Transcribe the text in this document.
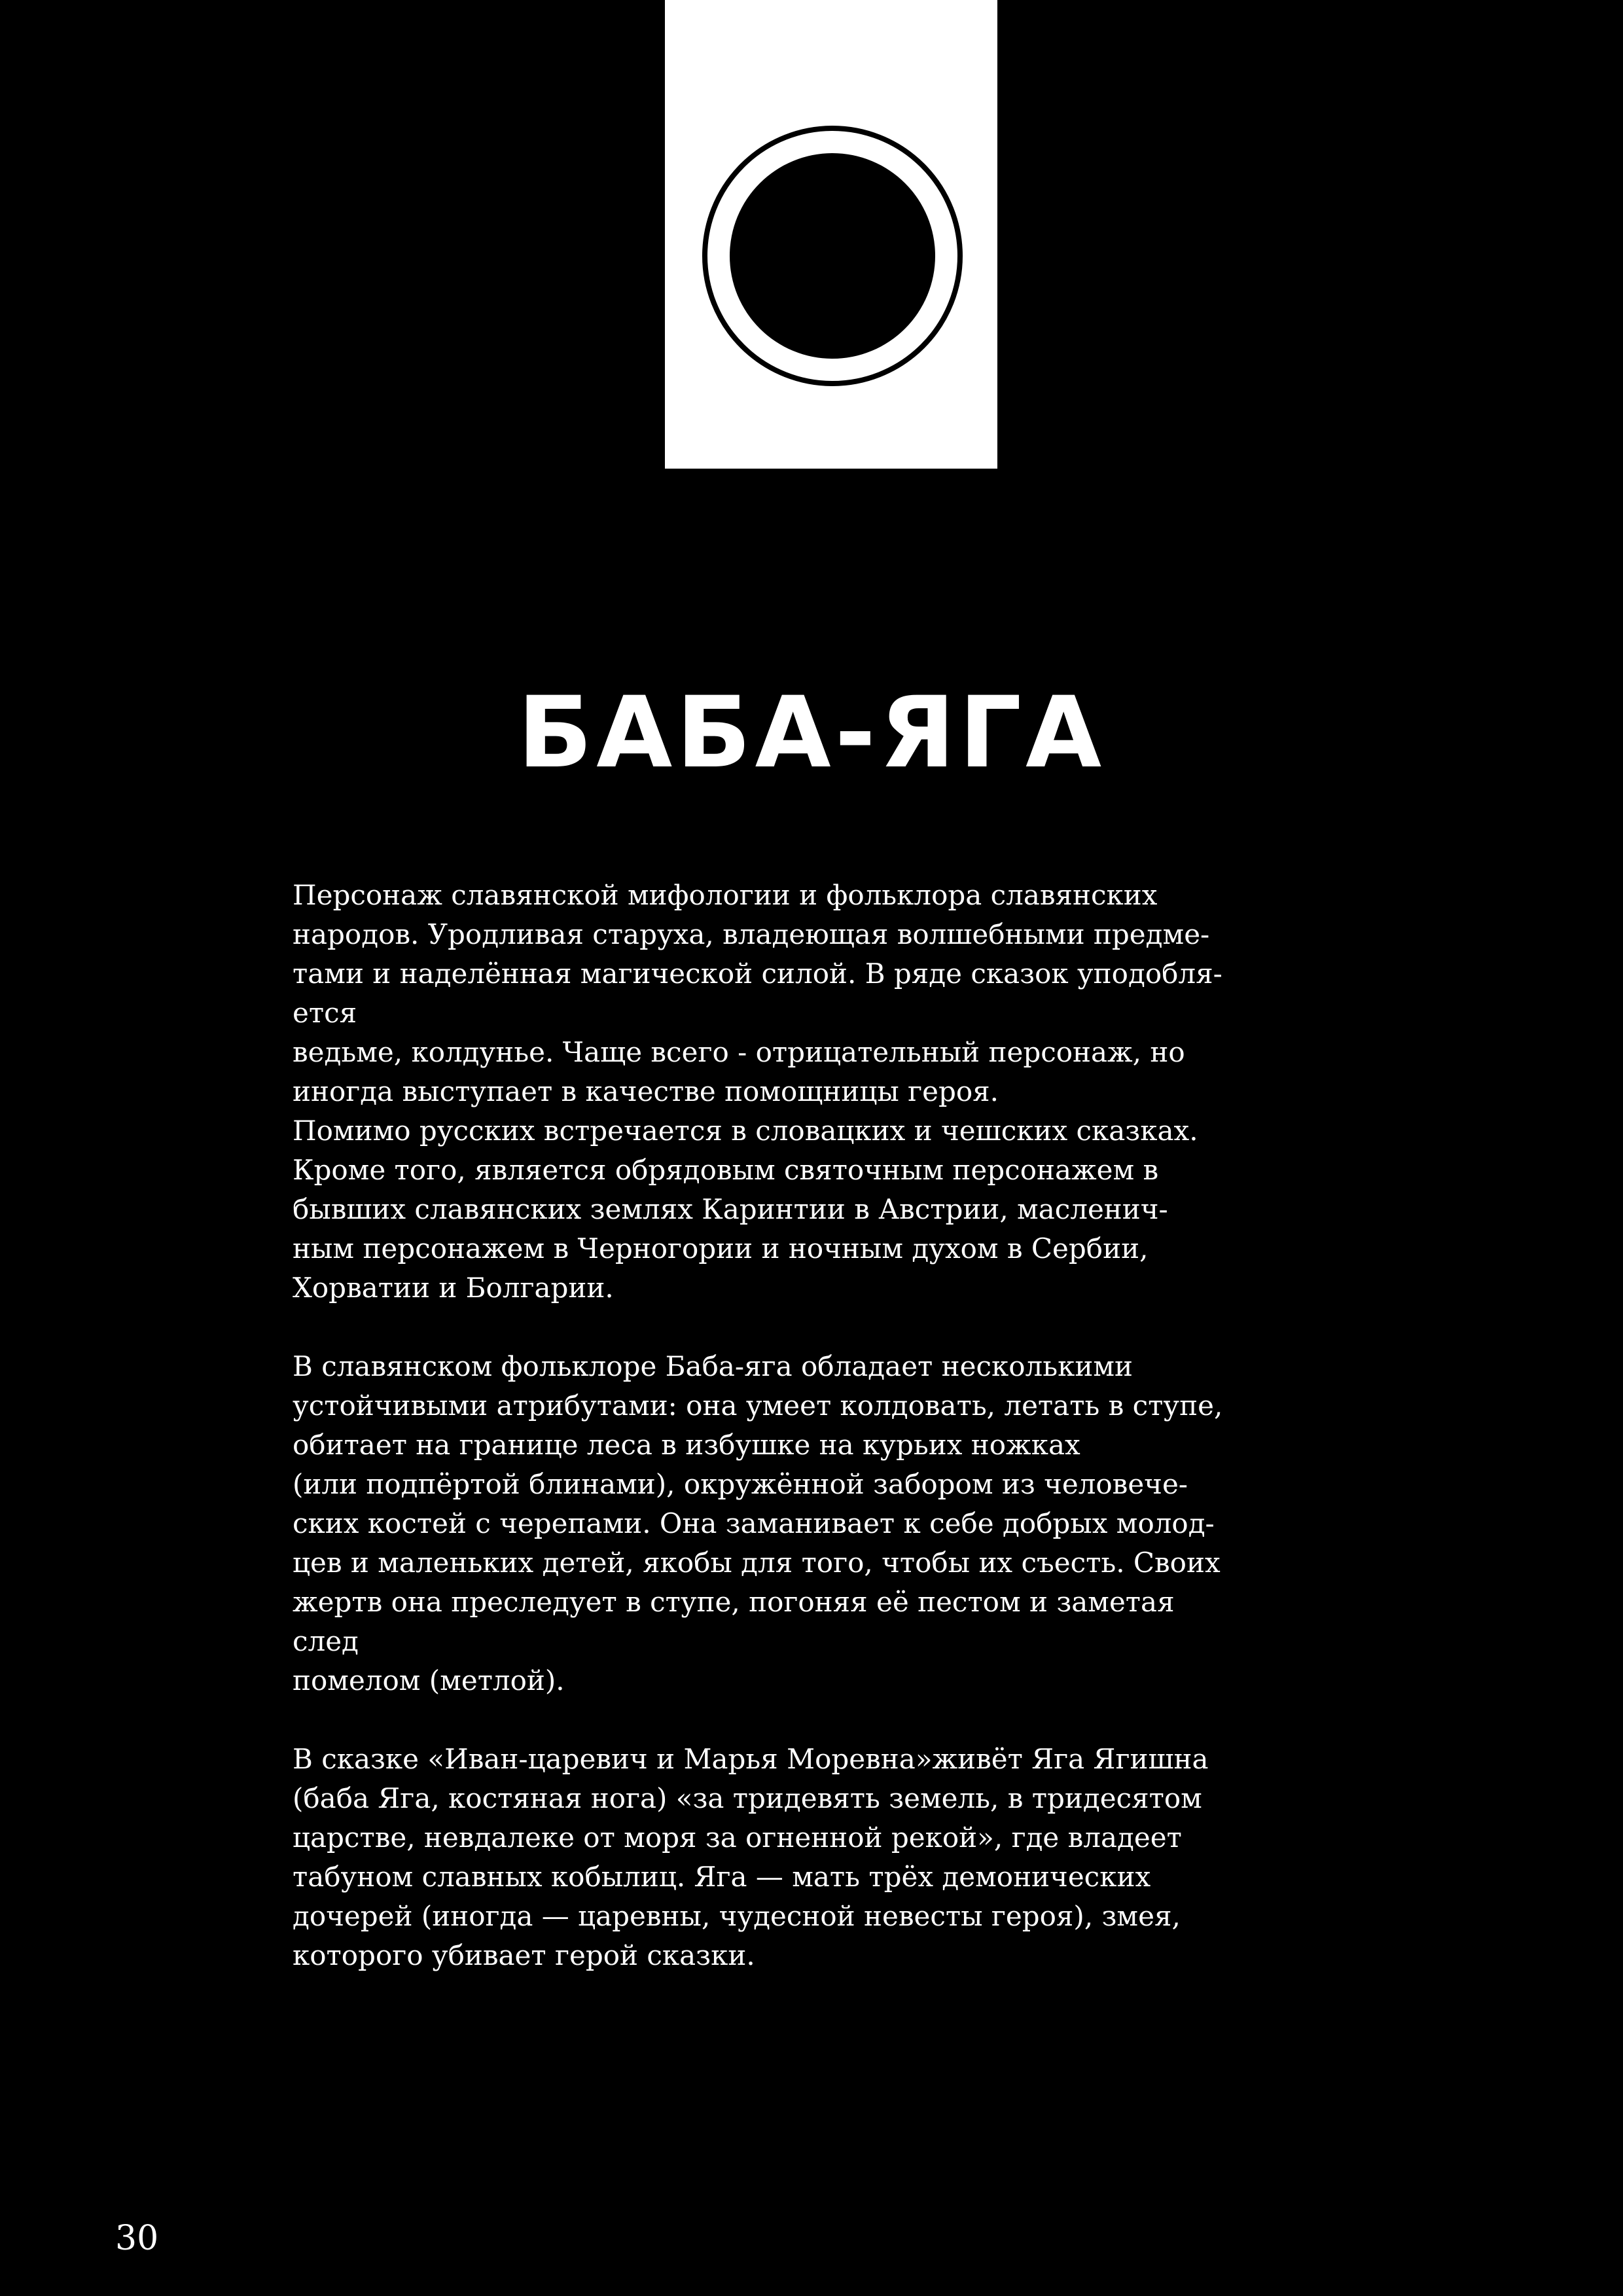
БАБА-ЯГА

Персонаж славянской мифологии и фольклора славянских
народов. Уродливая старуха, владеющая волшебными предме-
тами и наделённая магической силой. В ряде сказок уподобля-
ется
ведьме, колдунье. Чаще всего - отрицательный персонаж, но
иногда выступает в качестве помощницы героя.
Помимо русских встречается в словацких и чешских сказках.
Кроме того, является обрядовым святочным персонажем в
бывших славянских землях Каринтии в Австрии, масленич-
ным персонажем в Черногории и ночным духом в Сербии,
Хорватии и Болгарии.

В славянском фольклоре Баба-яга обладает несколькими
устойчивыми атрибутами: она умеет колдовать, летать в ступе,
обитает на границе леса в избушке на курьих ножках
(или подпёртой блинами), окружённой забором из человече-
ских костей с черепами. Она заманивает к себе добрых молод-
цев и маленьких детей, якобы для того, чтобы их съесть. Своих
жертв она преследует в ступе, погоняя её пестом и заметая
след
помелом (метлой).

В сказке «Иван-царевич и Марья Моревна»живёт Яга Ягишна
(баба Яга, костяная нога) «за тридевять земель, в тридесятом
царстве, невдалеке от моря за огненной рекой», где владеет
табуном славных кобылиц. Яга — мать трёх демонических
дочерей (иногда — царевны, чудесной невесты героя), змея,
которого убивает герой сказки.

30
